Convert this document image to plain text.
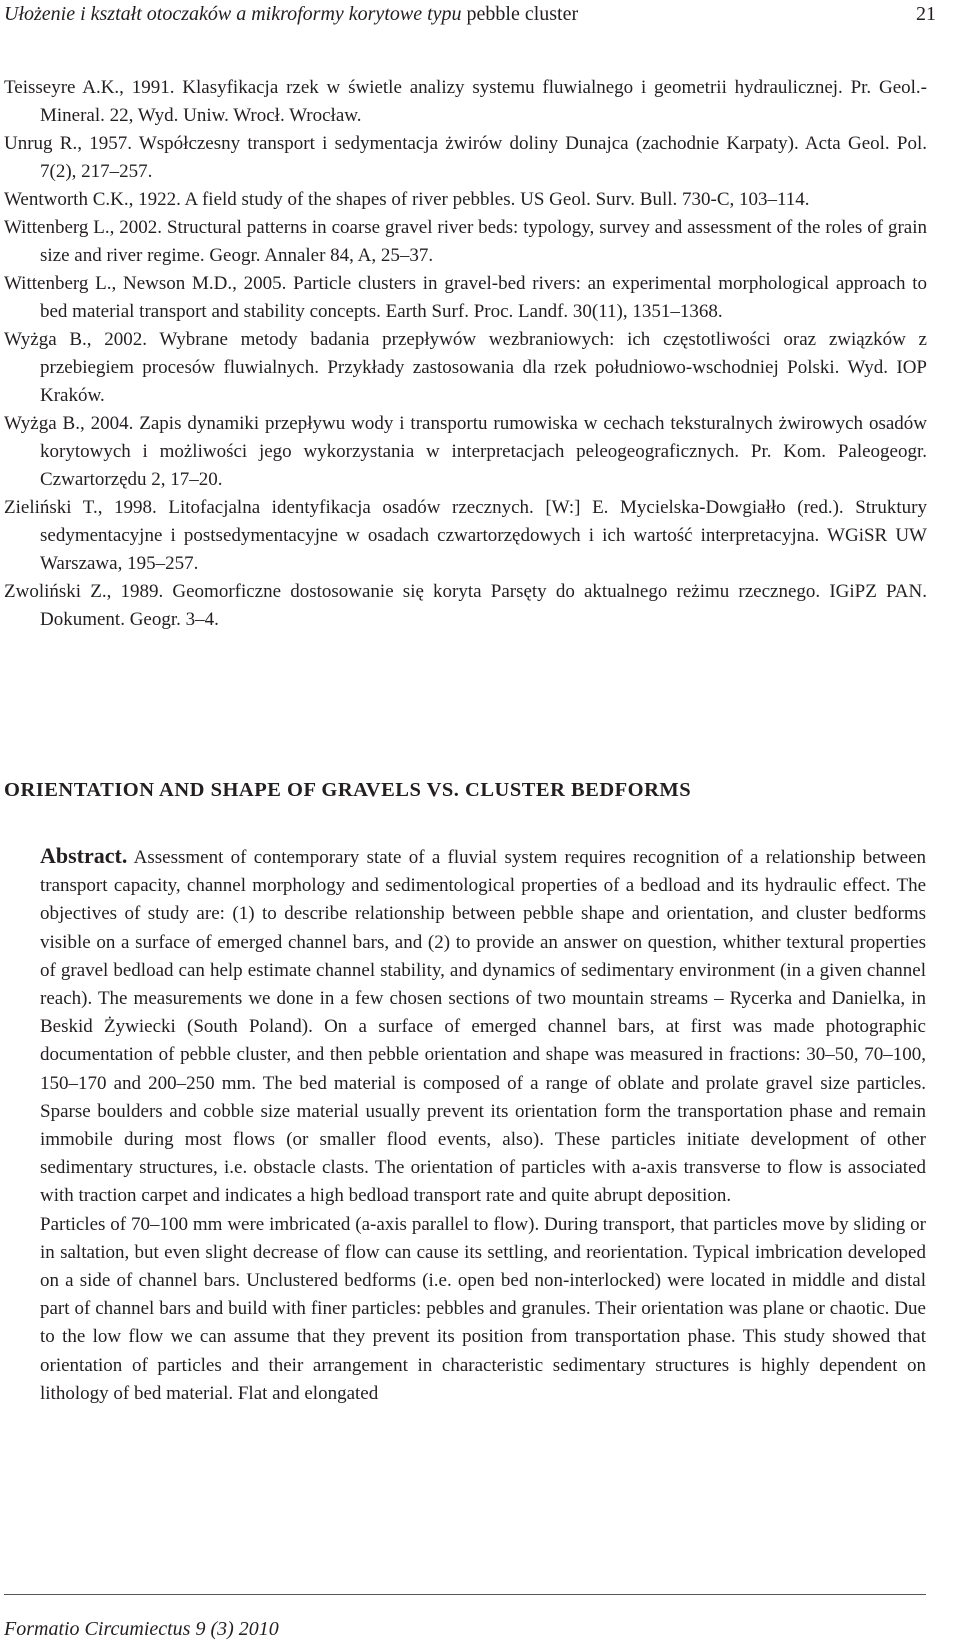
Ułożenie i kształt otoczaków a mikroformy korytowe typu pebble cluster	21

Teisseyre A.K., 1991. Klasyfikacja rzek w świetle analizy systemu fluwialnego i geometrii hydraulicznej. Pr. Geol.-Mineral. 22, Wyd. Uniw. Wrocł. Wrocław.

Unrug R., 1957. Współczesny transport i sedymentacja żwirów doliny Dunajca (zachodnie Karpaty). Acta Geol. Pol. 7(2), 217–257.

Wentworth C.K., 1922. A field study of the shapes of river pebbles. US Geol. Surv. Bull. 730-C, 103–114.

Wittenberg L., 2002. Structural patterns in coarse gravel river beds: typology, survey and assessment of the roles of grain size and river regime. Geogr. Annaler 84, A, 25–37.

Wittenberg L., Newson M.D., 2005. Particle clusters in gravel-bed rivers: an experimental morphological approach to bed material transport and stability concepts. Earth Surf. Proc. Landf. 30(11), 1351–1368.

Wyżga B., 2002. Wybrane metody badania przepływów wezbraniowych: ich częstotliwości oraz związków z przebiegiem procesów fluwialnych. Przykłady zastosowania dla rzek południowo-wschodniej Polski. Wyd. IOP Kraków.

Wyżga B., 2004. Zapis dynamiki przepływu wody i transportu rumowiska w cechach teksturalnych żwirowych osadów korytowych i możliwości jego wykorzystania w interpretacjach peleogeograficznych. Pr. Kom. Paleogeogr. Czwartorzędu 2, 17–20.

Zieliński T., 1998. Litofacjalna identyfikacja osadów rzecznych. [W:] E. Mycielska-Dowgiałło (red.). Struktury sedymentacyjne i postsedymentacyjne w osadach czwartorzędowych i ich wartość interpretacyjna. WGiSR UW Warszawa, 195–257.

Zwoliński Z., 1989. Geomorficzne dostosowanie się koryta Parsęty do aktualnego reżimu rzecznego. IGiPZ PAN. Dokument. Geogr. 3–4.

ORIENTATION AND SHAPE OF GRAVELS VS. CLUSTER BEDFORMS

Abstract. Assessment of contemporary state of a fluvial system requires recognition of a relationship between transport capacity, channel morphology and sedimentological properties of a bedload and its hydraulic effect. The objectives of study are: (1) to describe relationship between pebble shape and orientation, and cluster bedforms visible on a surface of emerged channel bars, and (2) to provide an answer on question, whither textural properties of gravel bedload can help estimate channel stability, and dynamics of sedimentary environment (in a given channel reach). The measurements we done in a few chosen sections of two mountain streams – Rycerka and Danielka, in Beskid Żywiecki (South Poland). On a surface of emerged channel bars, at first was made photographic documentation of pebble cluster, and then pebble orientation and shape was measured in fractions: 30–50, 70–100, 150–170 and 200–250 mm. The bed material is composed of a range of oblate and prolate gravel size particles. Sparse boulders and cobble size material usually prevent its orientation form the transportation phase and remain immobile during most flows (or smaller flood events, also). These particles initiate development of other sedimentary structures, i.e. obstacle clasts. The orientation of particles with a-axis transverse to flow is associated with traction carpet and indicates a high bedload transport rate and quite abrupt deposition.

Particles of 70–100 mm were imbricated (a-axis parallel to flow). During transport, that particles move by sliding or in saltation, but even slight decrease of flow can cause its settling, and reorientation. Typical imbrication developed on a side of channel bars. Unclustered bedforms (i.e. open bed non-interlocked) were located in middle and distal part of channel bars and build with finer particles: pebbles and granules. Their orientation was plane or chaotic. Due to the low flow we can assume that they prevent its position from transportation phase. This study showed that orientation of particles and their arrangement in characteristic sedimentary structures is highly dependent on lithology of bed material. Flat and elongated

Formatio Circumiectus 9 (3) 2010
